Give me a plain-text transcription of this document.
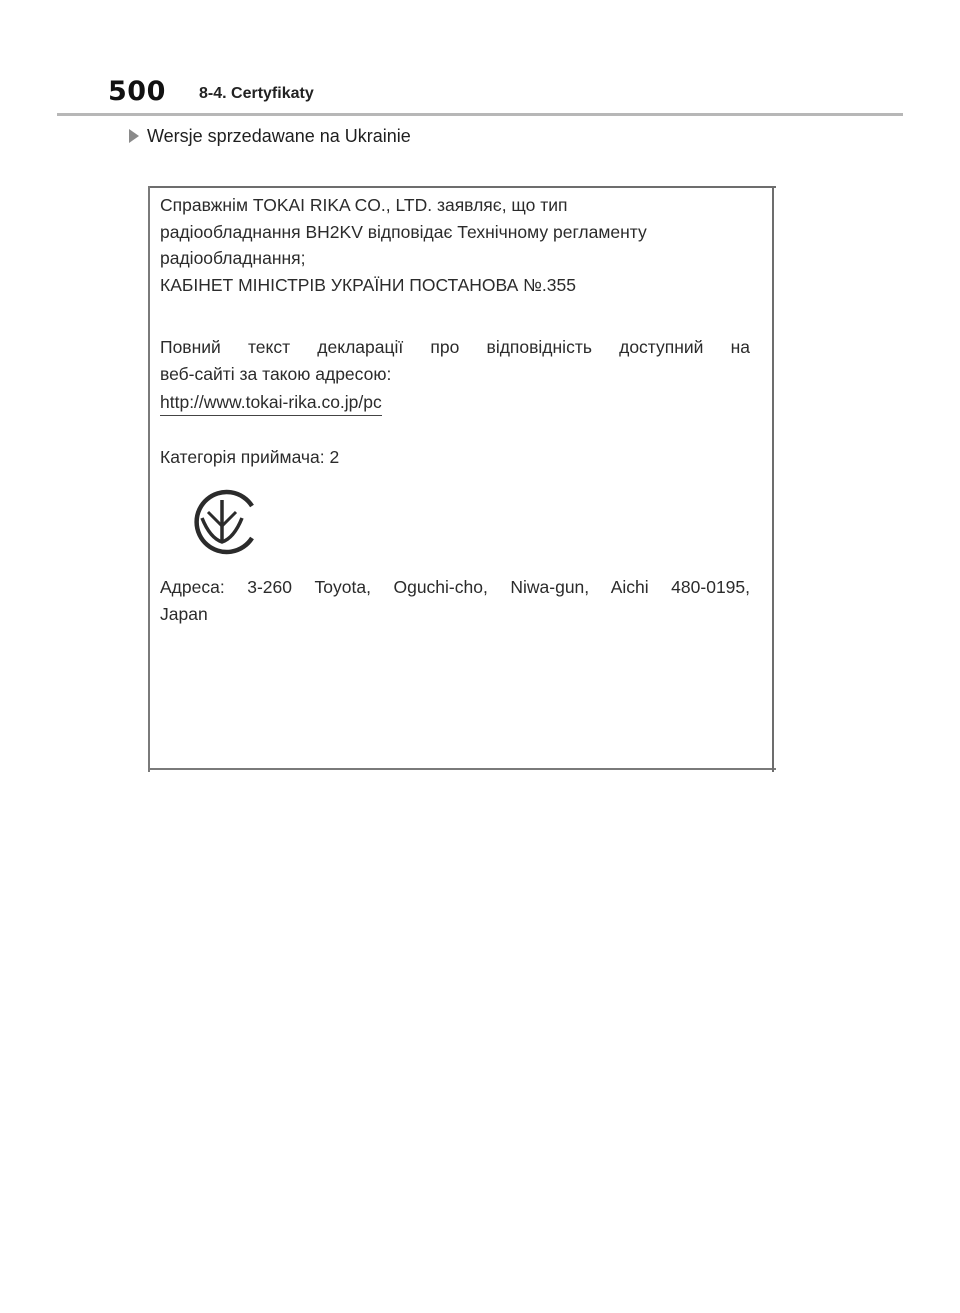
500 8-4. Certyfikaty
Wersje sprzedawane na Ukrainie
Справжнім TOKAI RIKA CO., LTD. заявляє, що тип
радіообладнання BH2KV відповідає Технічному регламенту
радіообладнання;
КАБІНЕТ МІНІСТРІВ УКРАЇНИ ПОСТАНОВА №.355
Повний текст декларації про відповідність доступний на
веб-сайті за такою адресою:
http://www.tokai-rika.co.jp/pc
Категорія приймача: 2
Адреса: 3-260 Toyota, Oguchi-cho, Niwa-gun, Aichi 480-0195,
Japan
